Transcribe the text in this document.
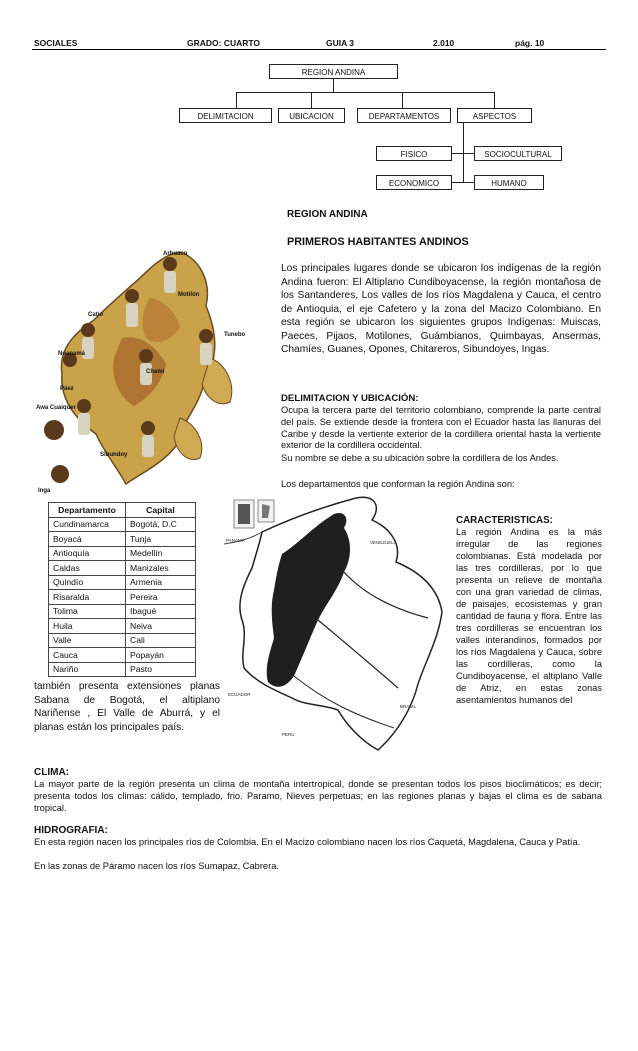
SOCIALES	GRADO: CUARTO	GUIA 3	2.010	pág. 10
REGION ANDINA
DELIMITACION	UBICACION	DEPARTAMENTOS	ASPECTOS
FISICO	SOCIOCULTURAL
ECONOMICO	HUMANO
REGION ANDINA
Arhuaco
Motilón
Catío
Noanamá
Chamí
Tunebo
Páez
Awa Cuaiquer
Sibundoy
Inga
PRIMEROS HABITANTES ANDINOS
Los principales lugares donde se ubicaron los indígenas de la región Andina fueron: El Altiplano Cundiboyacense, la región montañosa de los Santanderes, Los valles de los ríos Magdalena y Cauca, el centro de Antioquia, el eje Cafetero y la zona del Macizo Colombiano. En esta región se ubicaron los siguientes grupos Indígenas: Muiscas, Paeces, Pijaos, Motilones, Guámbianos, Quimbayas, Ansermas, Chamíes, Guanes, Opones, Chitareros, Sibundoyes, Ingas.
DELIMITACION Y UBICACIÓN:
Ocupa la tercera parte del territorio colombiano, comprende la parte central del país. Se extiende desde la frontera con el Ecuador hasta las llanuras del Caribe y desde la vertiente exterior de la cordillera oriental hasta la vertiente exterior de la cordillera occidental.
Su nombre se debe a su ubicación sobre la cordillera de los Andes.
Los departamentos que conforman la región Andina son:
Departamento	Capital
Cundinamarca	Bogotá, D.C
Boyacá	Tunja
Antioquía	Medellín
Caldas	Manizales
Quindío	Armenia
Risaralda	Pereira
Tolima	Ibagué
Huila	Neiva
Valle	Cali
Cauca	Popayán
Nariño	Pasto
PANAMA	VENEZUELA
ECUADOR
PERU
BRASIL
CARACTERISTICAS:
La región Andina es la más irregular de las regiones colombianas. Está modelada por las tres cordilleras, por lo que presenta un relieve de montaña con una gran variedad de climas, de paisajes, ecosistemas y gran cantidad de fauna y flora. Entre las tres cordilleras se encuentran los valles interandinos, formados por los ríos Magdalena y Cauca, sobre las cordilleras, como la Cundiboyacense, el altiplano Valle de Atriz, en estas zonas asentamientos humanos del
también presenta extensiones planas Sabana de Bogotá, el altiplano Nariñense , El Valle de Aburrá, y el planas están los principales país.
CLIMA:
La mayor parte de la región presenta un clima de montaña intertropical, donde se presentan todos los pisos bioclimáticos; es decir; presenta todos los climas: cálido, templado, frio. Paramo, Nieves perpetuas; en las regiones planas y bajas el clima es de sabana tropical.
HIDROGRAFIA:
En esta región nacen los principales ríos de Colombia. En el Macizo colombiano nacen los ríos Caquetá, Magdalena, Cauca y Patía.
En las zonas de Páramo nacen los ríos Sumapaz, Cabrera.
